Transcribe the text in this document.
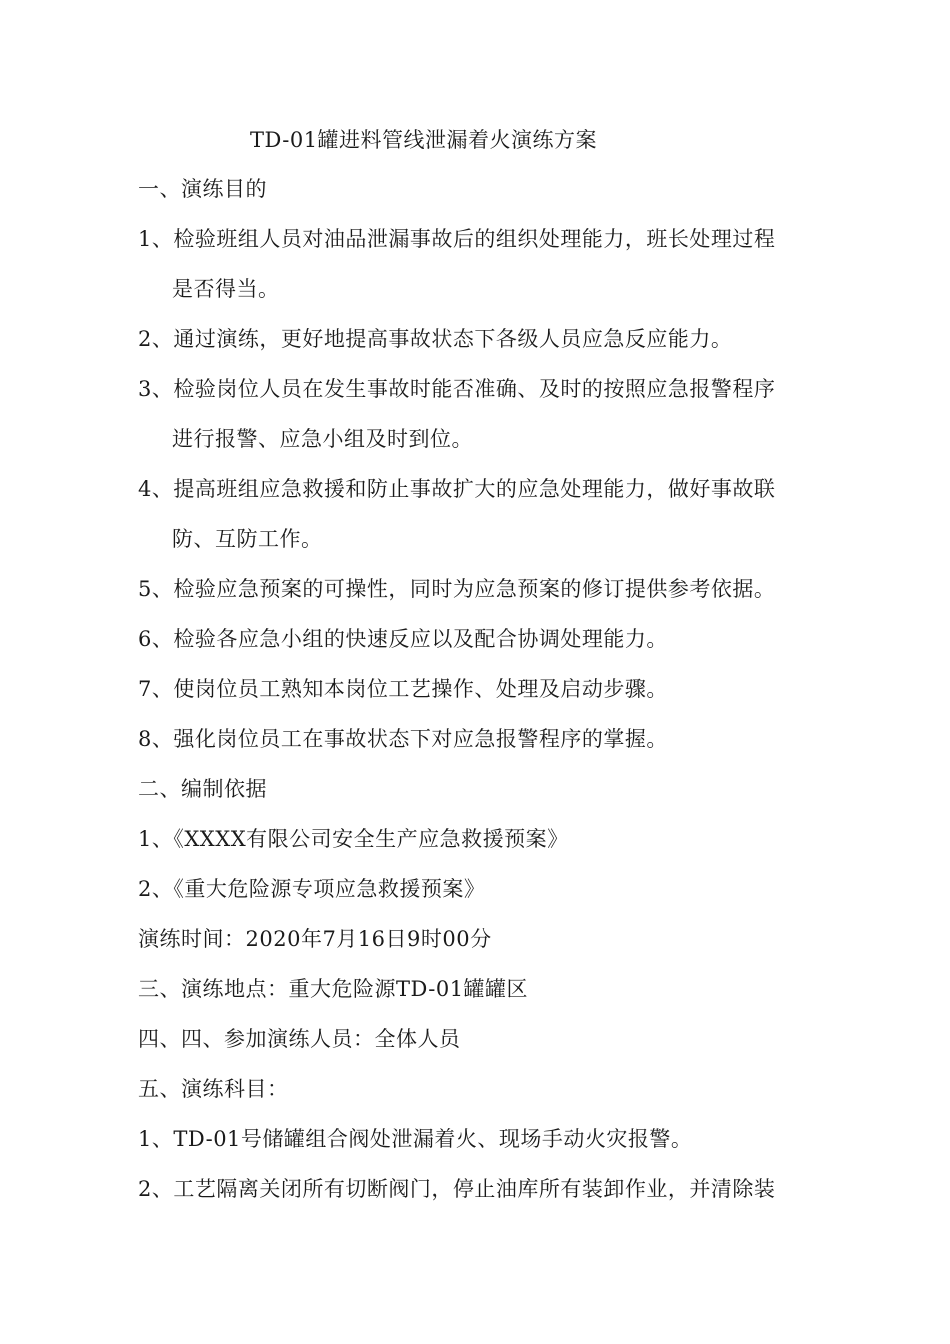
TD-01罐进料管线泄漏着火演练方案
一、演练目的
1、检验班组人员对油品泄漏事故后的组织处理能力，班长处理过程
是否得当。
2、通过演练，更好地提高事故状态下各级人员应急反应能力。
3、检验岗位人员在发生事故时能否准确、及时的按照应急报警程序
进行报警、应急小组及时到位。
4、提高班组应急救援和防止事故扩大的应急处理能力，做好事故联
防、互防工作。
5、检验应急预案的可操性，同时为应急预案的修订提供参考依据。
6、检验各应急小组的快速反应以及配合协调处理能力。
7、使岗位员工熟知本岗位工艺操作、处理及启动步骤。
8、强化岗位员工在事故状态下对应急报警程序的掌握。
二、编制依据
1、《XXXX有限公司安全生产应急救援预案》
2、《重大危险源专项应急救援预案》
演练时间：2020年7月16日9时00分
三、演练地点：重大危险源TD-01罐罐区
四、四、参加演练人员：全体人员
五、演练科目：
1、TD-01号储罐组合阀处泄漏着火、现场手动火灾报警。
2、工艺隔离关闭所有切断阀门，停止油库所有装卸作业，并清除装
